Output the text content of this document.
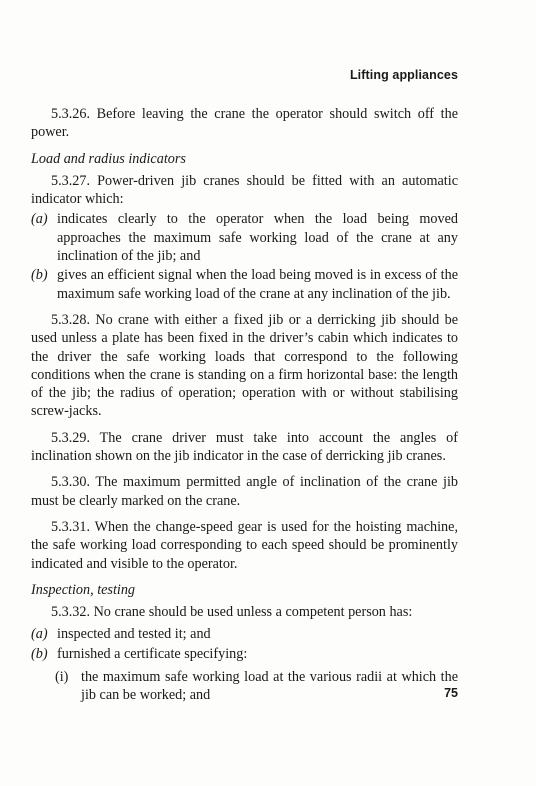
Lifting appliances

5.3.26. Before leaving the crane the operator should switch off the power.

Load and radius indicators

5.3.27. Power-driven jib cranes should be fitted with an automatic indicator which:

(a) indicates clearly to the operator when the load being moved approaches the maximum safe working load of the crane at any inclination of the jib; and
(b) gives an efficient signal when the load being moved is in excess of the maximum safe working load of the crane at any inclination of the jib.

5.3.28. No crane with either a fixed jib or a derricking jib should be used unless a plate has been fixed in the driver’s cabin which indicates to the driver the safe working loads that correspond to the following conditions when the crane is standing on a firm horizontal base: the length of the jib; the radius of operation; operation with or without stabilising screw-jacks.

5.3.29. The crane driver must take into account the angles of inclination shown on the jib indicator in the case of derricking jib cranes.

5.3.30. The maximum permitted angle of inclination of the crane jib must be clearly marked on the crane.

5.3.31. When the change-speed gear is used for the hoisting machine, the safe working load corresponding to each speed should be prominently indicated and visible to the operator.

Inspection, testing

5.3.32. No crane should be used unless a competent person has:

(a) inspected and tested it; and
(b) furnished a certificate specifying:
(i) the maximum safe working load at the various radii at which the jib can be worked; and	75
